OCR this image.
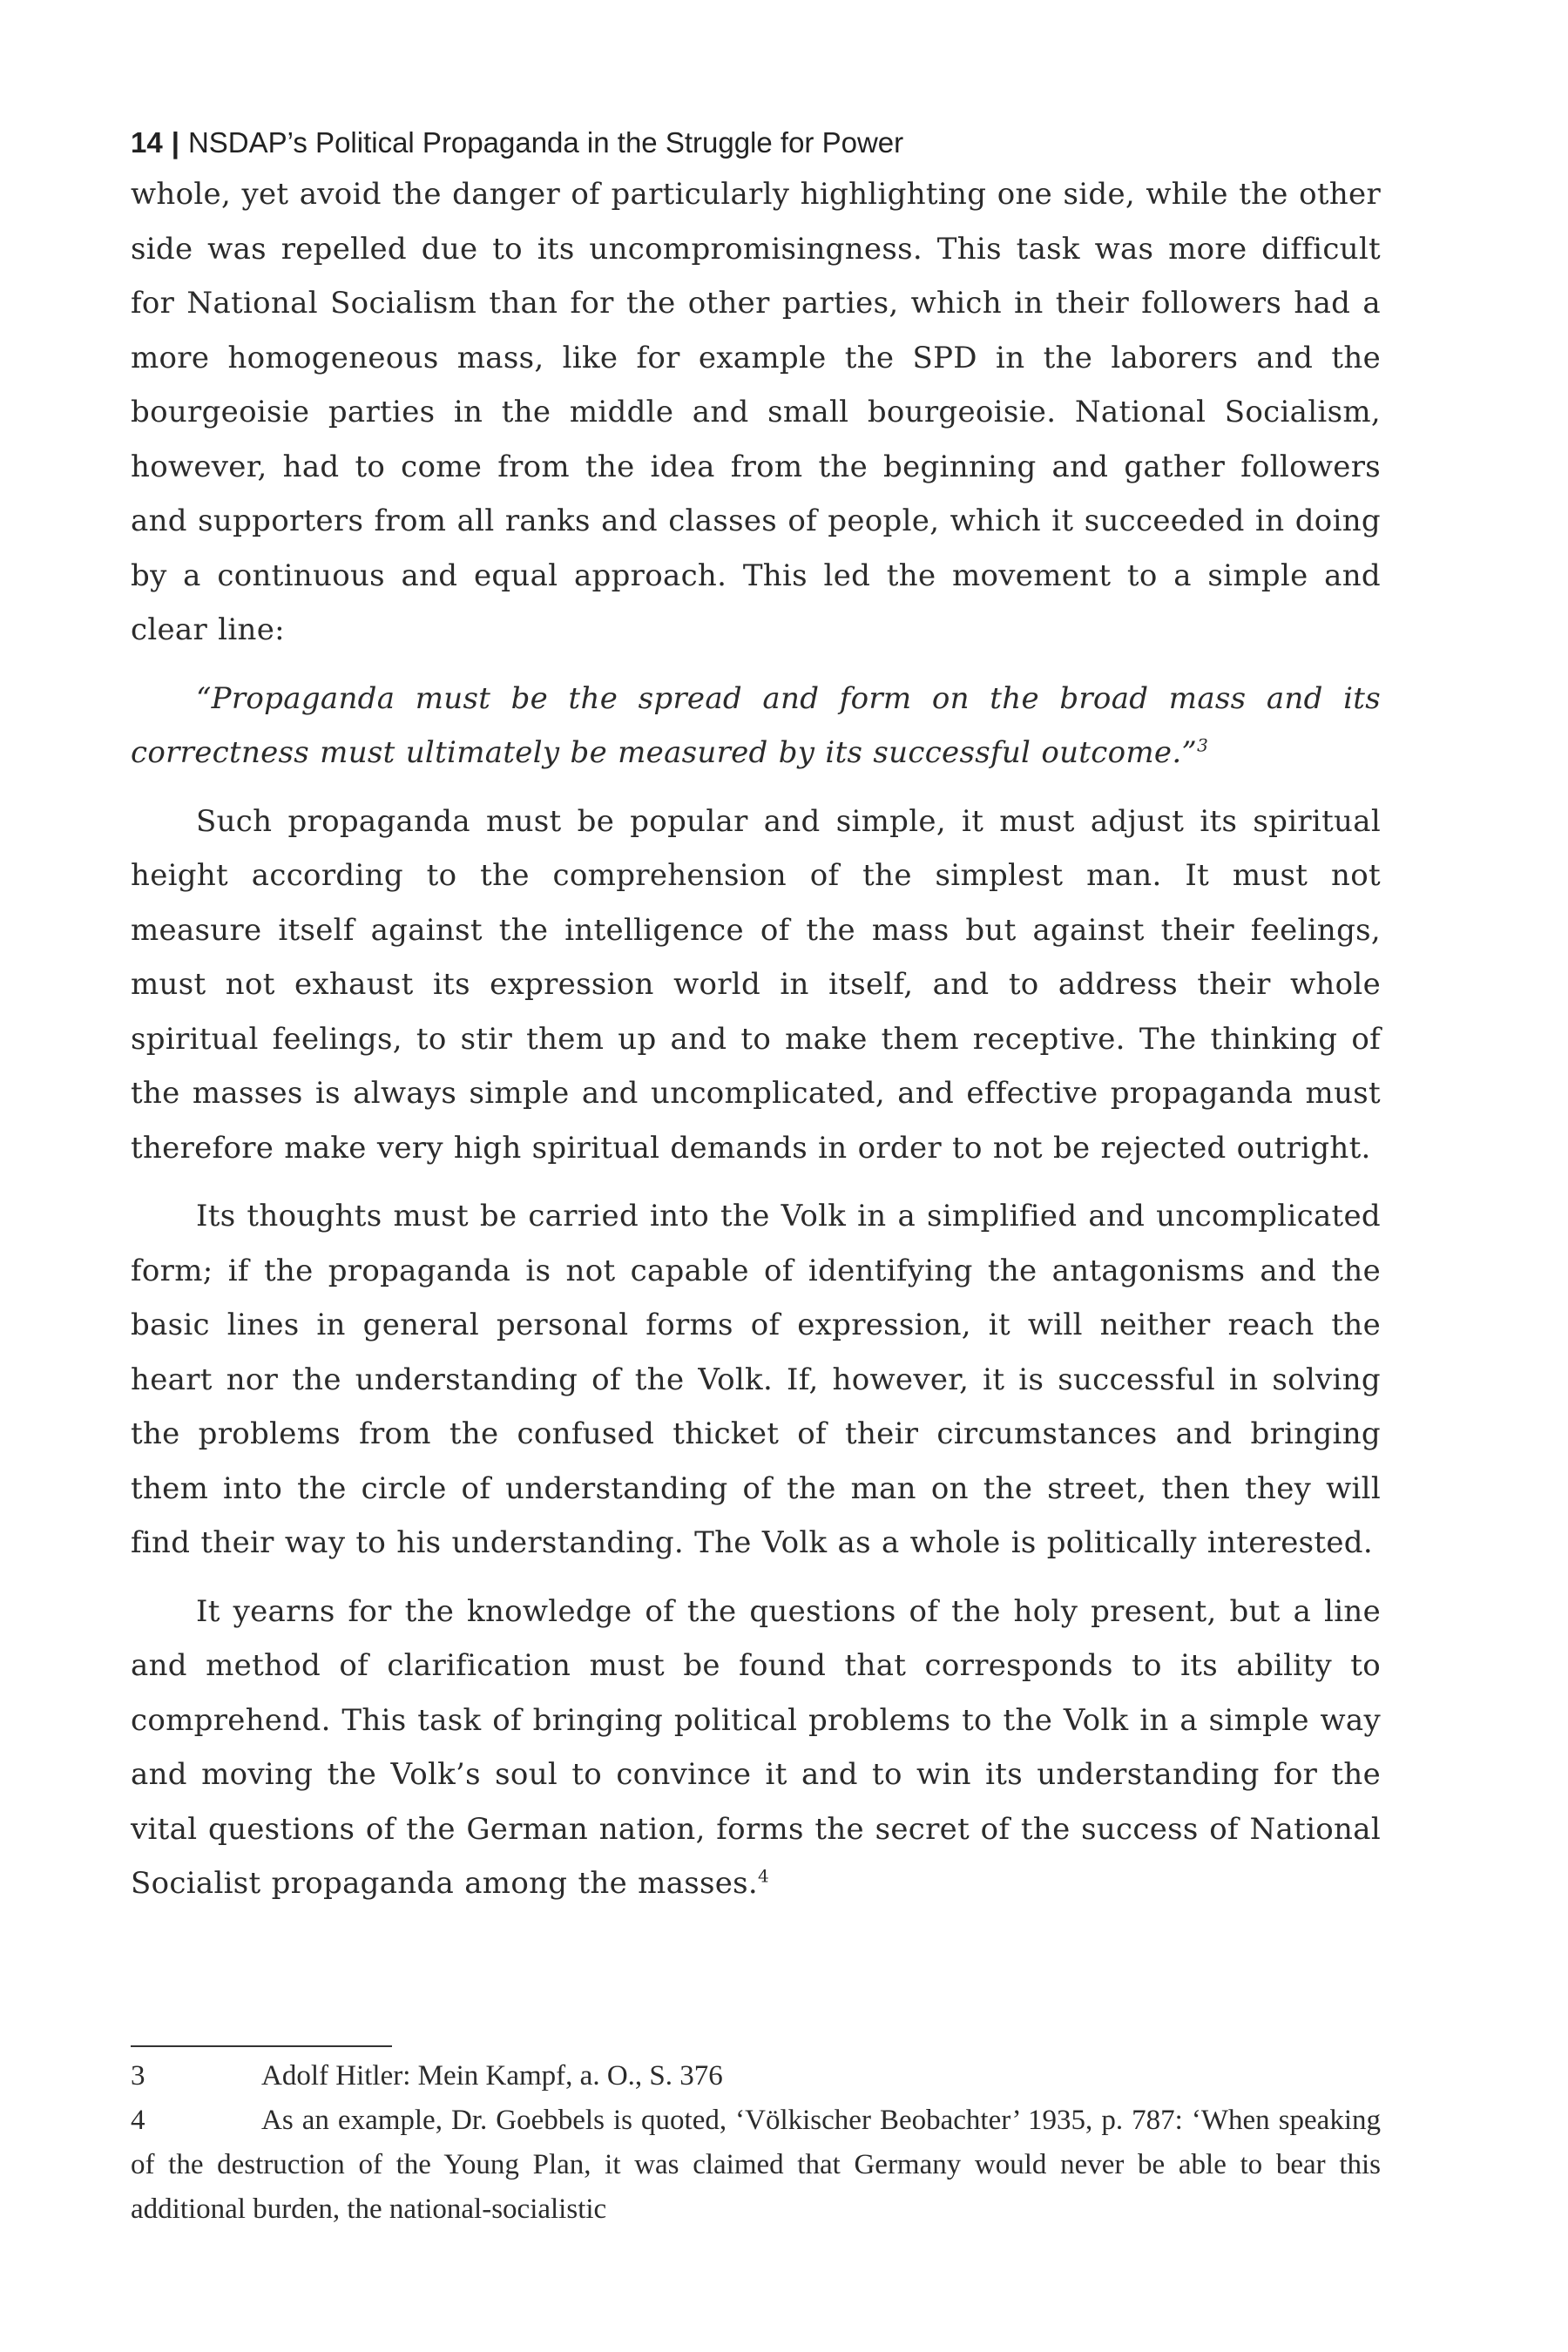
14 | NSDAP’s Political Propaganda in the Struggle for Power

whole, yet avoid the danger of particularly highlighting one side, while the other side was repelled due to its uncompromisingness. This task was more difficult for National Socialism than for the other parties, which in their followers had a more homogeneous mass, like for example the SPD in the laborers and the bourgeoisie parties in the middle and small bourgeoisie. National Socialism, however, had to come from the idea from the beginning and gather followers and supporters from all ranks and classes of people, which it succeeded in doing by a continuous and equal approach. This led the movement to a simple and clear line:

“Propaganda must be the spread and form on the broad mass and its correctness must ultimately be measured by its successful outcome.”$^3$

Such propaganda must be popular and simple, it must adjust its spiritual height according to the comprehension of the simplest man. It must not measure itself against the intelligence of the mass but against their feelings, must not exhaust its expression world in itself, and to address their whole spiritual feelings, to stir them up and to make them receptive. The thinking of the masses is always simple and uncomplicated, and effective propaganda must therefore make very high spiritual demands in order to not be rejected outright.

Its thoughts must be carried into the Volk in a simplified and uncomplicated form; if the propaganda is not capable of identifying the antagonisms and the basic lines in general personal forms of expression, it will neither reach the heart nor the understanding of the Volk. If, however, it is successful in solving the problems from the confused thicket of their circumstances and bringing them into the circle of understanding of the man on the street, then they will find their way to his understanding. The Volk as a whole is politically interested.

It yearns for the knowledge of the questions of the holy present, but a line and method of clarification must be found that corresponds to its ability to comprehend. This task of bringing political problems to the Volk in a simple way and moving the Volk’s soul to convince it and to win its understanding for the vital questions of the German nation, forms the secret of the success of National Socialist propaganda among the masses.$^4$

3	Adolf Hitler: Mein Kampf, a. O., S. 376

4	As an example, Dr. Goebbels is quoted, ‘Völkischer Beobachter’ 1935, p. 787: ‘When speaking of the destruction of the Young Plan, it was claimed that Germany would never be able to bear this additional burden, the national-socialistic
